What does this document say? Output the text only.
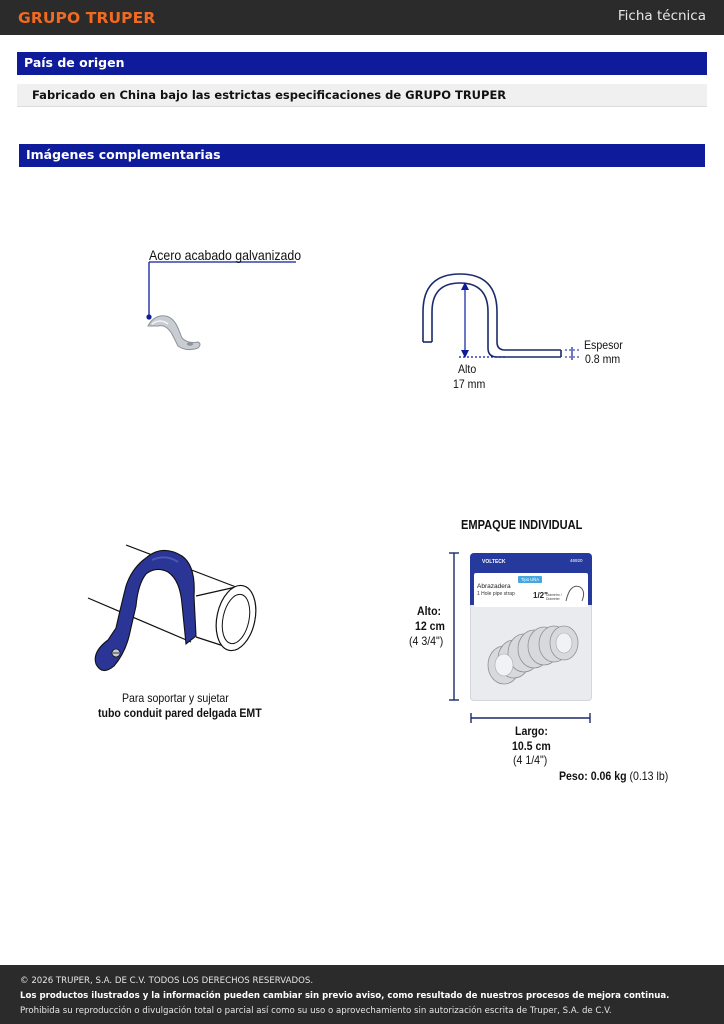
GRUPO TRUPER	Ficha técnica
País de origen
Fabricado en China bajo las estrictas especificaciones de GRUPO TRUPER
Imágenes complementarias
Acero acabado galvanizado
Alto
17 mm
Espesor
0.8 mm
Para soportar y sujetar
tubo conduit pared delgada EMT
EMPAQUE INDIVIDUAL
VOLTECK	46920
Abrazadera
1 Hole pipe strap
Tipo UÑA
1/2"
Diámetro / Diameter
Alto:
12 cm
(4 3/4")
Largo:
10.5 cm
(4 1/4")
Peso: 0.06 kg (0.13 lb)
© 2026 TRUPER, S.A. DE C.V. TODOS LOS DERECHOS RESERVADOS.
Los productos ilustrados y la información pueden cambiar sin previo aviso, como resultado de nuestros procesos de mejora continua.
Prohibida su reproducción o divulgación total o parcial así como su uso o aprovechamiento sin autorización escrita de Truper, S.A. de C.V.
